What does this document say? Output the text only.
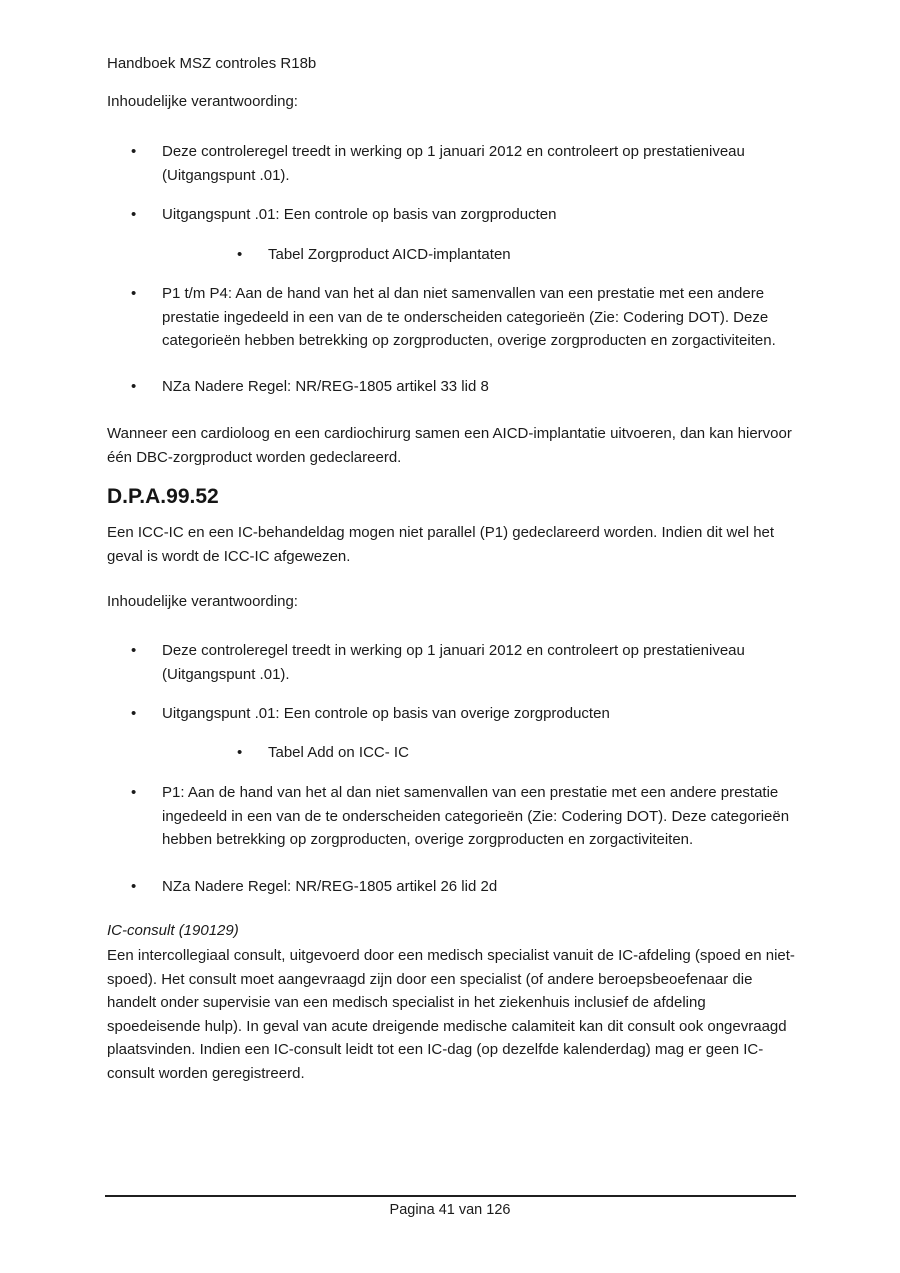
Handboek MSZ controles R18b
Inhoudelijke verantwoording:
•
Deze controleregel treedt in werking op 1 januari 2012 en controleert op prestatieniveau (Uitgangspunt .01).
•
Uitgangspunt .01: Een controle op basis van zorgproducten
•
Tabel Zorgproduct AICD-implantaten
•
P1 t/m P4: Aan de hand van het al dan niet samenvallen van een prestatie met een andere prestatie ingedeeld in een van de te onderscheiden categorieën (Zie: Codering DOT). Deze categorieën hebben betrekking op zorgproducten, overige zorgproducten en zorgactiviteiten.
•
NZa Nadere Regel: NR/REG-1805 artikel 33 lid 8
Wanneer een cardioloog en een cardiochirurg samen een AICD-implantatie uitvoeren, dan kan hiervoor één DBC-zorgproduct worden gedeclareerd.
D.P.A.99.52
Een ICC-IC en een IC-behandeldag mogen niet parallel (P1) gedeclareerd worden. Indien dit wel het geval is wordt de ICC-IC afgewezen.
Inhoudelijke verantwoording:
•
Deze controleregel treedt in werking op 1 januari 2012 en controleert op prestatieniveau (Uitgangspunt .01).
•
Uitgangspunt .01: Een controle op basis van overige zorgproducten
•
Tabel Add on ICC- IC
•
P1: Aan de hand van het al dan niet samenvallen van een prestatie met een andere prestatie ingedeeld in een van de te onderscheiden categorieën (Zie: Codering DOT). Deze categorieën hebben betrekking op zorgproducten, overige zorgproducten en zorgactiviteiten.
•
NZa Nadere Regel: NR/REG-1805 artikel 26 lid 2d
IC-consult (190129)
Een intercollegiaal consult, uitgevoerd door een medisch specialist vanuit de IC-afdeling (spoed en niet-spoed). Het consult moet aangevraagd zijn door een specialist (of andere beroepsbeoefenaar die handelt onder supervisie van een medisch specialist in het ziekenhuis inclusief de afdeling spoedeisende hulp). In geval van acute dreigende medische calamiteit kan dit consult ook ongevraagd plaatsvinden. Indien een IC-consult leidt tot een IC-dag (op dezelfde kalenderdag) mag er geen IC-consult worden geregistreerd.
Pagina 41 van 126
